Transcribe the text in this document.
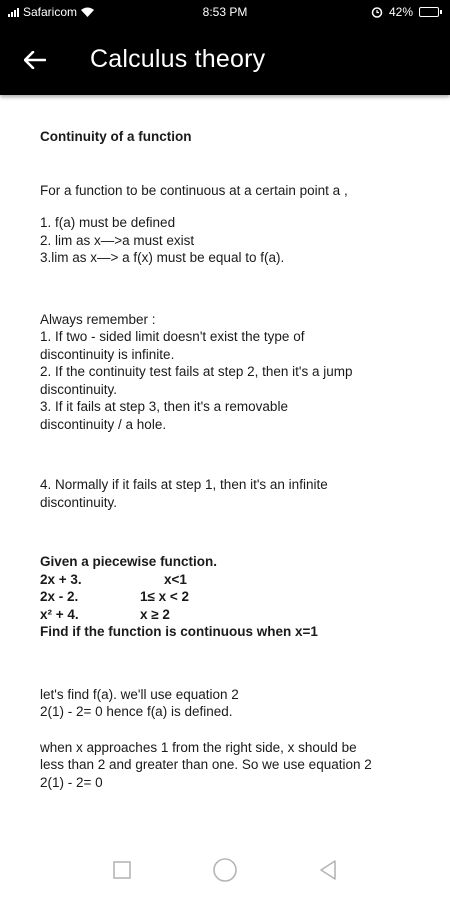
Safaricom	8:53 PM	42%
Calculus theory

Continuity of a function

For a function to be continuous at a certain point a ,

1. f(a) must be defined

2. lim as x—>a must exist

3.lim as x—> a f(x) must be equal to f(a).

Always remember :

1. If two - sided limit doesn't exist the type of

discontinuity is infinite.

2. If the continuity test fails at step 2, then it's a jump

discontinuity.

3. If it fails at step 3, then it's a removable

discontinuity / a hole.

4. Normally if it fails at step 1, then it's an infinite

discontinuity.

Given a piecewise function.

2x + 3.	x<1
2x - 2.	1≤ x < 2
x² + 4.	x ≥ 2

Find if the function is continuous when x=1

let's find f(a). we'll use equation 2

2(1) - 2= 0 hence f(a) is defined.

when x approaches 1 from the right side, x should be

less than 2 and greater than one. So we use equation 2

2(1) - 2= 0
